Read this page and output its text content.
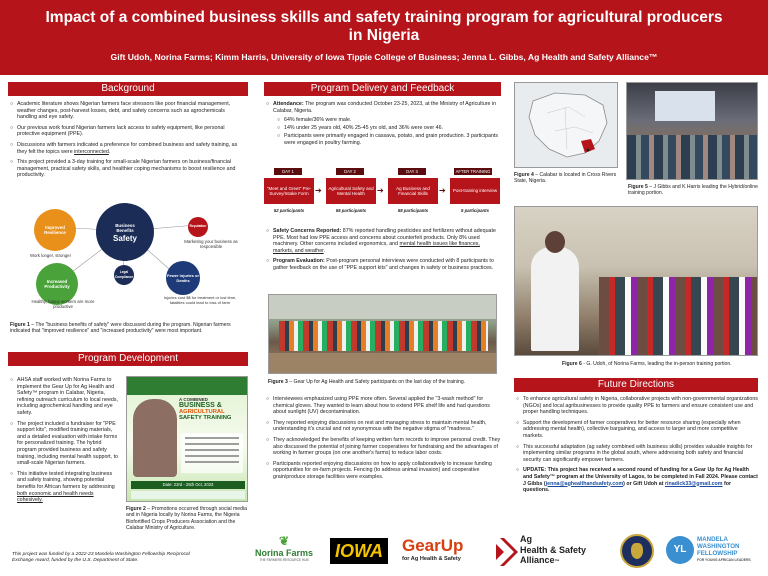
Impact of a combined business skills and safety training program for agricultural producers in Nigeria
Gift Udoh, Norina Farms; Kimm Harris, University of Iowa Tippie College of Business; Jenna L. Gibbs, Ag Health and Safety Alliance™
Background
○ Academic literature shows Nigerian farmers face stressors like poor financial management, weather changes, post-harvest losses, debt, and safety concerns such as agrochemicals handling and eye safety.
○ Our previous work found Nigerian farmers lack access to safety equipment, like personal protective equipment (PPE).
○ Discussions with farmers indicated a preference for combined business and safety training, as they felt the topics were interconnected.
○ This project provided a 3-day training for small-scale Nigerian farmers on business/financial management, practical safety skills, and healthier coping mechanisms to boost resilience and productivity.
Business
Benefits
Safety
Improved Resilience
Work longer, stronger
Reputation
Marketing your business as responsible
Increased Productivity
Healthy, happy workers are more productive
Legal Compliance	Fewer Injuries or Deaths
Injuries cost $$ for treatment or lost time, fatalities could lead to loss of farm
Figure 1 – The "business benefits of safety" were discussed during the program. Nigerian farmers indicated that "improved resilience" and "increased productivity" were most important.
Program Development
○ AHSA staff worked with Norina Farms to implement the Gear Up for Ag Health and Safety™ program in Calabar, Nigeria, refining outreach curriculum to local needs, including agrochemical handling and eye safety.
○ The project included a fundraiser for "PPE support kits", modified training materials, and a detailed evaluation with intake forms for personalized training. The hybrid program provided business and safety training, including mental health support, to small-scale Nigerian farmers.
○ This initiative tested integrating business and safety training, showing potential benefits for African farmers by addressing both economic and health needs cohesively.
A COMBINED
BUSINESS &
AGRICULTURAL
SAFETY TRAINING
Date: 23rd - 25th Oct, 2023
Figure 2 – Promotions occurred through social media and in Nigeria locally by Norina Farms, the Nigeria Biofortified Crops Producers Association and the Calabar Ministry of Agriculture.
This project was funded by a 2022-23 Mandela Washington Fellowship Reciprocal Exchange Award, funded by the U.S. Department of State.
Program Delivery and Feedback
○ Attendance: The program was conducted October 23-25, 2023, at the Ministry of Agriculture in Calabar, Nigeria.
○ 64% female/36% were male.
○ 14% under 25 years old, 40% 25-45 yrs old, and 36% were over 46.
○ Participants were primarily engaged in cassava, potato, and grain production. 3 participants were engaged in poultry farming.
DAY 1
"Meet and Greet" Pre-Survey/Intake Form
52 participants
➔
DAY 2
Agricultural Safety and Mental Health
55 participants
➔
DAY 3
Ag Business and Financial Skills
58 participants
➔
AFTER TRAINING
Post-training interview
5 participants
○ Safety Concerns Reported: 87% reported handling pesticides and fertilizers without adequate PPE. Most had low PPE access and concerns about counterfeit products. Only 8% used machinery. Other concerns included ergonomics, and mental health issues like finances, markets, and weather.
○ Program Evaluation: Post-program personal interviews were conducted with 8 participants to gather feedback on the use of "PPE support kits" and changes in safety or business practices.
Figure 3 – Gear Up for Ag Health and Safety participants on the last day of the training.
○ Interviewees emphasized using PPE more often. Several applied the "3-wash method" for chemical gloves. They wanted to learn about how to extend PPE shelf life and had questions about sunlight (UV) decontamination.
○ They reported enjoying discussions on rest and managing stress to maintain mental health, understanding it's crucial and not synonymous with the negative stigma of "madness."
○ They acknowledged the benefits of keeping written farm records to improve personal credit. They also discussed the potential of joining farmer cooperatives for fundraising and the advantages of working in farmer groups (on one another's farms) to reduce labor costs.
○ Participants reported enjoying discussions on how to apply collaboratively to increase funding opportunities for on-farm projects. Fencing (to address animal invasion) and cooperative grain/produce storage facilities were examples.
Figure 4 – Calabar is located in Cross Rivers State, Nigeria.
Figure 5 – J Gibbs and K Harris leading the Hybrid/online training portion.
Figure 6 - G. Udoh, of Norina Farms, leading the in-person training portion.
Future Directions
○ To enhance agricultural safety in Nigeria, collaborative projects with non-governmental organizations (NGOs) and local agribusinesses to provide quality PPE to farmers and ensure consistent use and proper handling techniques.
○ Support the development of farmer cooperatives for better resource sharing (especially when addressing mental health), collective bargaining, and access to larger and more competitive markets.
○ This successful adaptation (ag safety combined with business skills) provides valuable insights for implementing similar programs in the global south, where addressing both safety and financial security can significantly empower farmers.
○ UPDATE: This project has received a second round of funding for a Gear Up for Ag Health and Safety™ program at the University of Lagos, to be completed in Fall 2024. Please contact J Gibbs (jenna@aghealthandsafety.com) or Gift Udoh at rinadick33@gmail.com for questions.
❦
Norina Farms
THE FARMERS RESOURCE HUB	IOWA GearUp
for Ag Health & Safety
Ag
Health & Safety
Alliance™
YL
MANDELA
WASHINGTON
FELLOWSHIP
FOR YOUNG AFRICAN LEADERS
